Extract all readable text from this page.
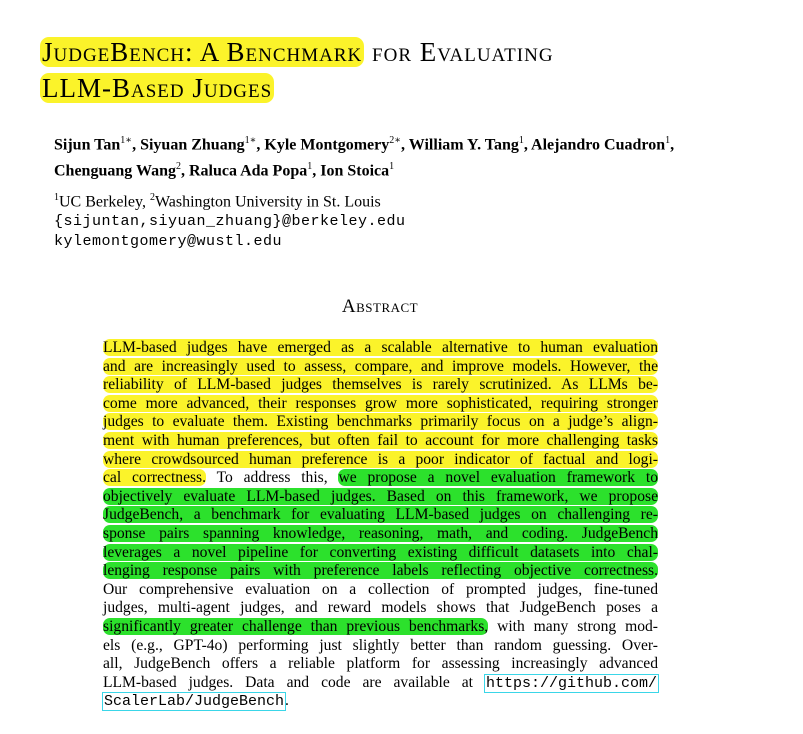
JudgeBench: A Benchmark for Evaluating
LLM-Based Judges
Sijun Tan$^{1∗}$, Siyuan Zhuang$^{1∗}$, Kyle Montgomery$^{2∗}$, William Y. Tang$^1$, Alejandro Cuadron$^1$,
Chenguang Wang$^2$, Raluca Ada Popa$^1$, Ion Stoica$^1$
$^1$UC Berkeley, $^2$Washington University in St. Louis
{sijuntan,siyuan_zhuang}@berkeley.edu
kylemontgomery@wustl.edu
Abstract
LLM-based judges have emerged as a scalable alternative to human evaluation
and are increasingly used to assess, compare, and improve models. However, the
reliability of LLM-based judges themselves is rarely scrutinized. As LLMs be-
come more advanced, their responses grow more sophisticated, requiring stronger
judges to evaluate them. Existing benchmarks primarily focus on a judge’s align-
ment with human preferences, but often fail to account for more challenging tasks
where crowdsourced human preference is a poor indicator of factual and logi-
cal correctness. To address this, we propose a novel evaluation framework to
objectively evaluate LLM-based judges. Based on this framework, we propose
JudgeBench, a benchmark for evaluating LLM-based judges on challenging re-
sponse pairs spanning knowledge, reasoning, math, and coding. JudgeBench
leverages a novel pipeline for converting existing difficult datasets into chal-
lenging response pairs with preference labels reflecting objective correctness.
Our comprehensive evaluation on a collection of prompted judges, fine-tuned
judges, multi-agent judges, and reward models shows that JudgeBench poses a
significantly greater challenge than previous benchmarks, with many strong mod-
els (e.g., GPT-4o) performing just slightly better than random guessing. Over-
all, JudgeBench offers a reliable platform for assessing increasingly advanced
LLM-based judges. Data and code are available at https://github.com/
ScalerLab/JudgeBench.
